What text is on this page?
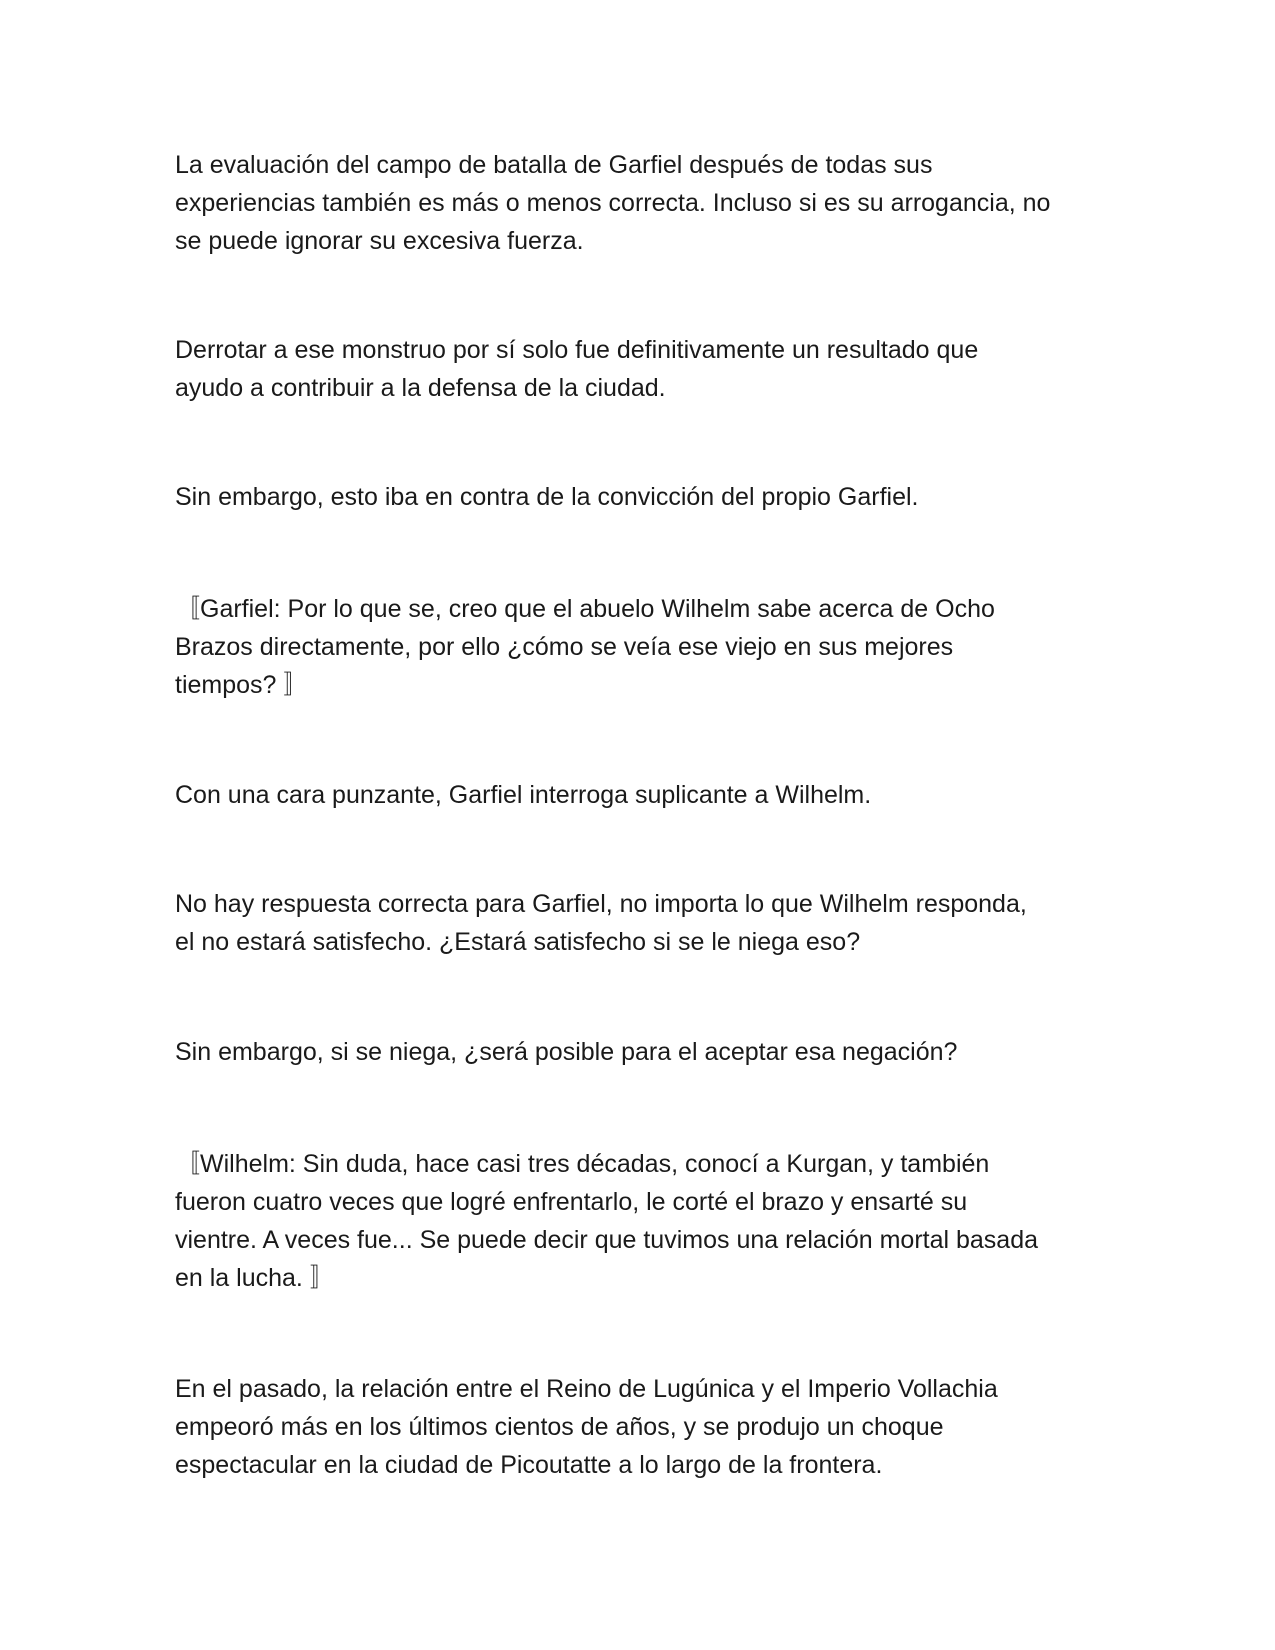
La evaluación del campo de batalla de Garfiel después de todas sus
experiencias también es más o menos correcta. Incluso si es su arrogancia, no
se puede ignorar su excesiva fuerza.

Derrotar a ese monstruo por sí solo fue definitivamente un resultado que
ayudo a contribuir a la defensa de la ciudad.

Sin embargo, esto iba en contra de la convicción del propio Garfiel.

〚Garfiel: Por lo que se, creo que el abuelo Wilhelm sabe acerca de Ocho
Brazos directamente, por ello ¿cómo se veía ese viejo en sus mejores
tiempos? 〛

Con una cara punzante, Garfiel interroga suplicante a Wilhelm.

No hay respuesta correcta para Garfiel, no importa lo que Wilhelm responda,
el no estará satisfecho. ¿Estará satisfecho si se le niega eso?

Sin embargo, si se niega, ¿será posible para el aceptar esa negación?

〚Wilhelm: Sin duda, hace casi tres décadas, conocí a Kurgan, y también
fueron cuatro veces que logré enfrentarlo, le corté el brazo y ensarté su
vientre. A veces fue... Se puede decir que tuvimos una relación mortal basada
en la lucha. 〛

En el pasado, la relación entre el Reino de Lugúnica y el Imperio Vollachia
empeoró más en los últimos cientos de años, y se produjo un choque
espectacular en la ciudad de Picoutatte a lo largo de la frontera.
